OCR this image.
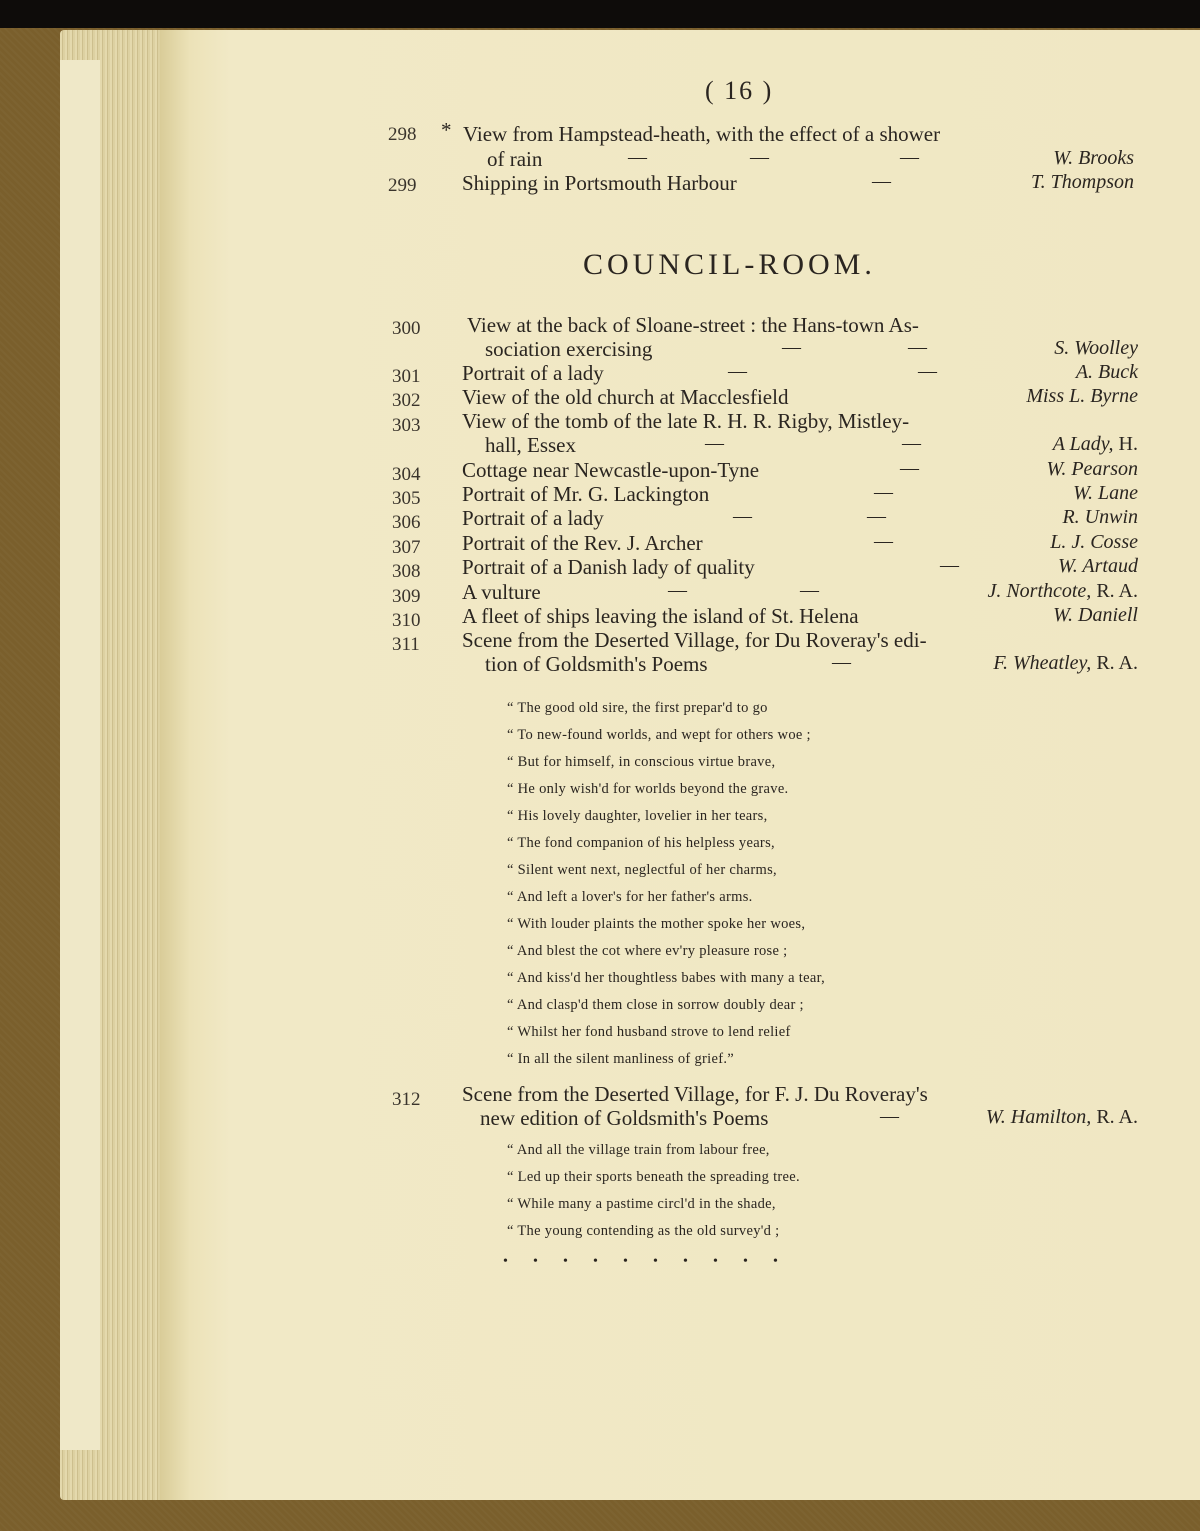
( 16 )
298 * View from Hampstead-heath, with the effect of a shower
of rain	—	—	—	W. Brooks
299 Shipping in Portsmouth Harbour	—	T. Thompson
COUNCIL-ROOM.
300 View at the back of Sloane-street : the Hans-town As-
sociation exercising	—	—	S. Woolley
301 Portrait of a lady	—	—	A. Buck
302 View of the old church at Macclesfield	Miss L. Byrne
303 View of the tomb of the late R. H. R. Rigby, Mistley-
hall, Essex	—	—	A Lady, H.
304 Cottage near Newcastle-upon-Tyne	—	W. Pearson
305 Portrait of Mr. G. Lackington	—	W. Lane
306 Portrait of a lady	—	—	R. Unwin
307 Portrait of the Rev. J. Archer	—	L. J. Cosse
308 Portrait of a Danish lady of quality	—	W. Artaud
309 A vulture	—	—	J. Northcote, R. A.
310 A fleet of ships leaving the island of St. Helena	W. Daniell
311 Scene from the Deserted Village, for Du Roveray's edi-
tion of Goldsmith's Poems	—	F. Wheatley, R. A.
“ The good old sire, the first prepar'd to go
“ To new-found worlds, and wept for others woe ;
“ But for himself, in conscious virtue brave,
“ He only wish'd for worlds beyond the grave.
“ His lovely daughter, lovelier in her tears,
“ The fond companion of his helpless years,
“ Silent went next, neglectful of her charms,
“ And left a lover's for her father's arms.
“ With louder plaints the mother spoke her woes,
“ And blest the cot where ev'ry pleasure rose ;
“ And kiss'd her thoughtless babes with many a tear,
“ And clasp'd them close in sorrow doubly dear ;
“ Whilst her fond husband strove to lend relief
“ In all the silent manliness of grief.”
312 Scene from the Deserted Village, for F. J. Du Roveray's
new edition of Goldsmith's Poems	—	W. Hamilton, R. A.
“ And all the village train from labour free,
“ Led up their sports beneath the spreading tree.
“ While many a pastime circl'd in the shade,
“ The young contending as the old survey'd ;
• • • • • • • • • •
